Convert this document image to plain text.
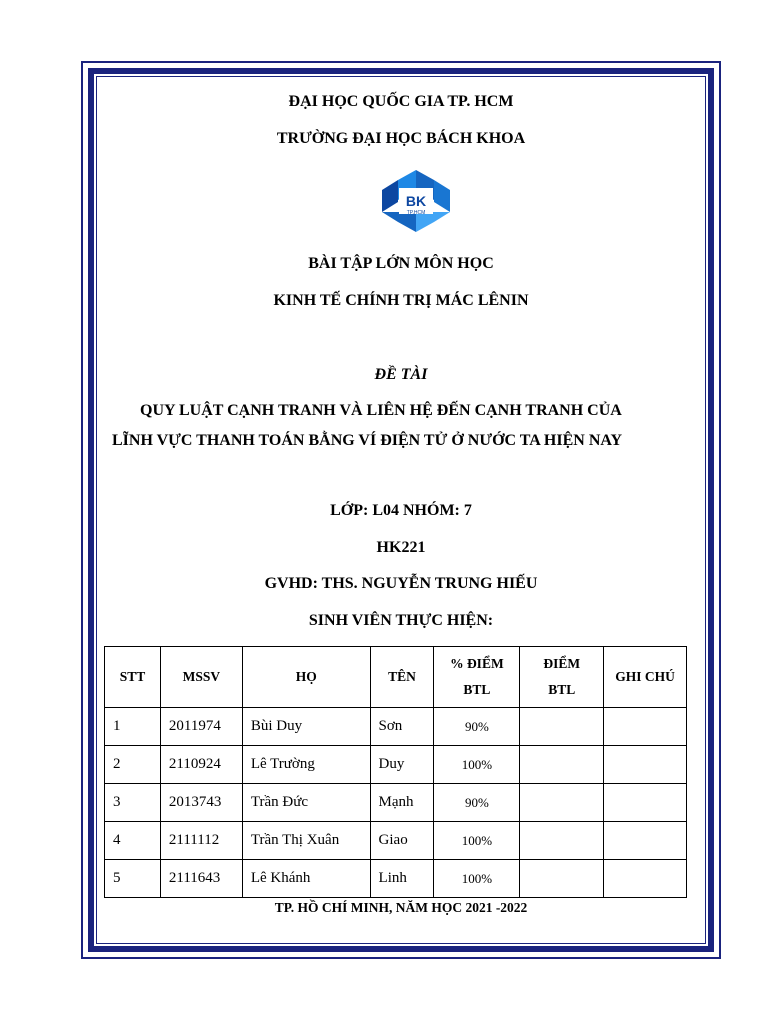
ĐẠI HỌC QUỐC GIA TP. HCM
TRƯỜNG ĐẠI HỌC BÁCH KHOA
BK
TP.HCM
BÀI TẬP LỚN MÔN HỌC
KINH TẾ CHÍNH TRỊ MÁC LÊNIN
ĐỀ TÀI
QUY LUẬT CẠNH TRANH VÀ LIÊN HỆ ĐẾN CẠNH TRANH CỦA
LĨNH VỰC THANH TOÁN BẰNG VÍ ĐIỆN TỬ Ở NƯỚC TA HIỆN NAY
LỚP: L04 NHÓM: 7
HK221
GVHD: THS. NGUYỄN TRUNG HIẾU
SINH VIÊN THỰC HIỆN:
STT	MSSV	HỌ	TÊN	% ĐIỂM BTL	ĐIỂM BTL	GHI CHÚ
1	2011974	Bùi Duy	Sơn	90%		
2	2110924	Lê Trường	Duy	100%		
3	2013743	Trần Đức	Mạnh	90%		
4	2111112	Trần Thị Xuân	Giao	100%		
5	2111643	Lê Khánh	Linh	100%		
TP. HỒ CHÍ MINH, NĂM HỌC 2021 -2022
